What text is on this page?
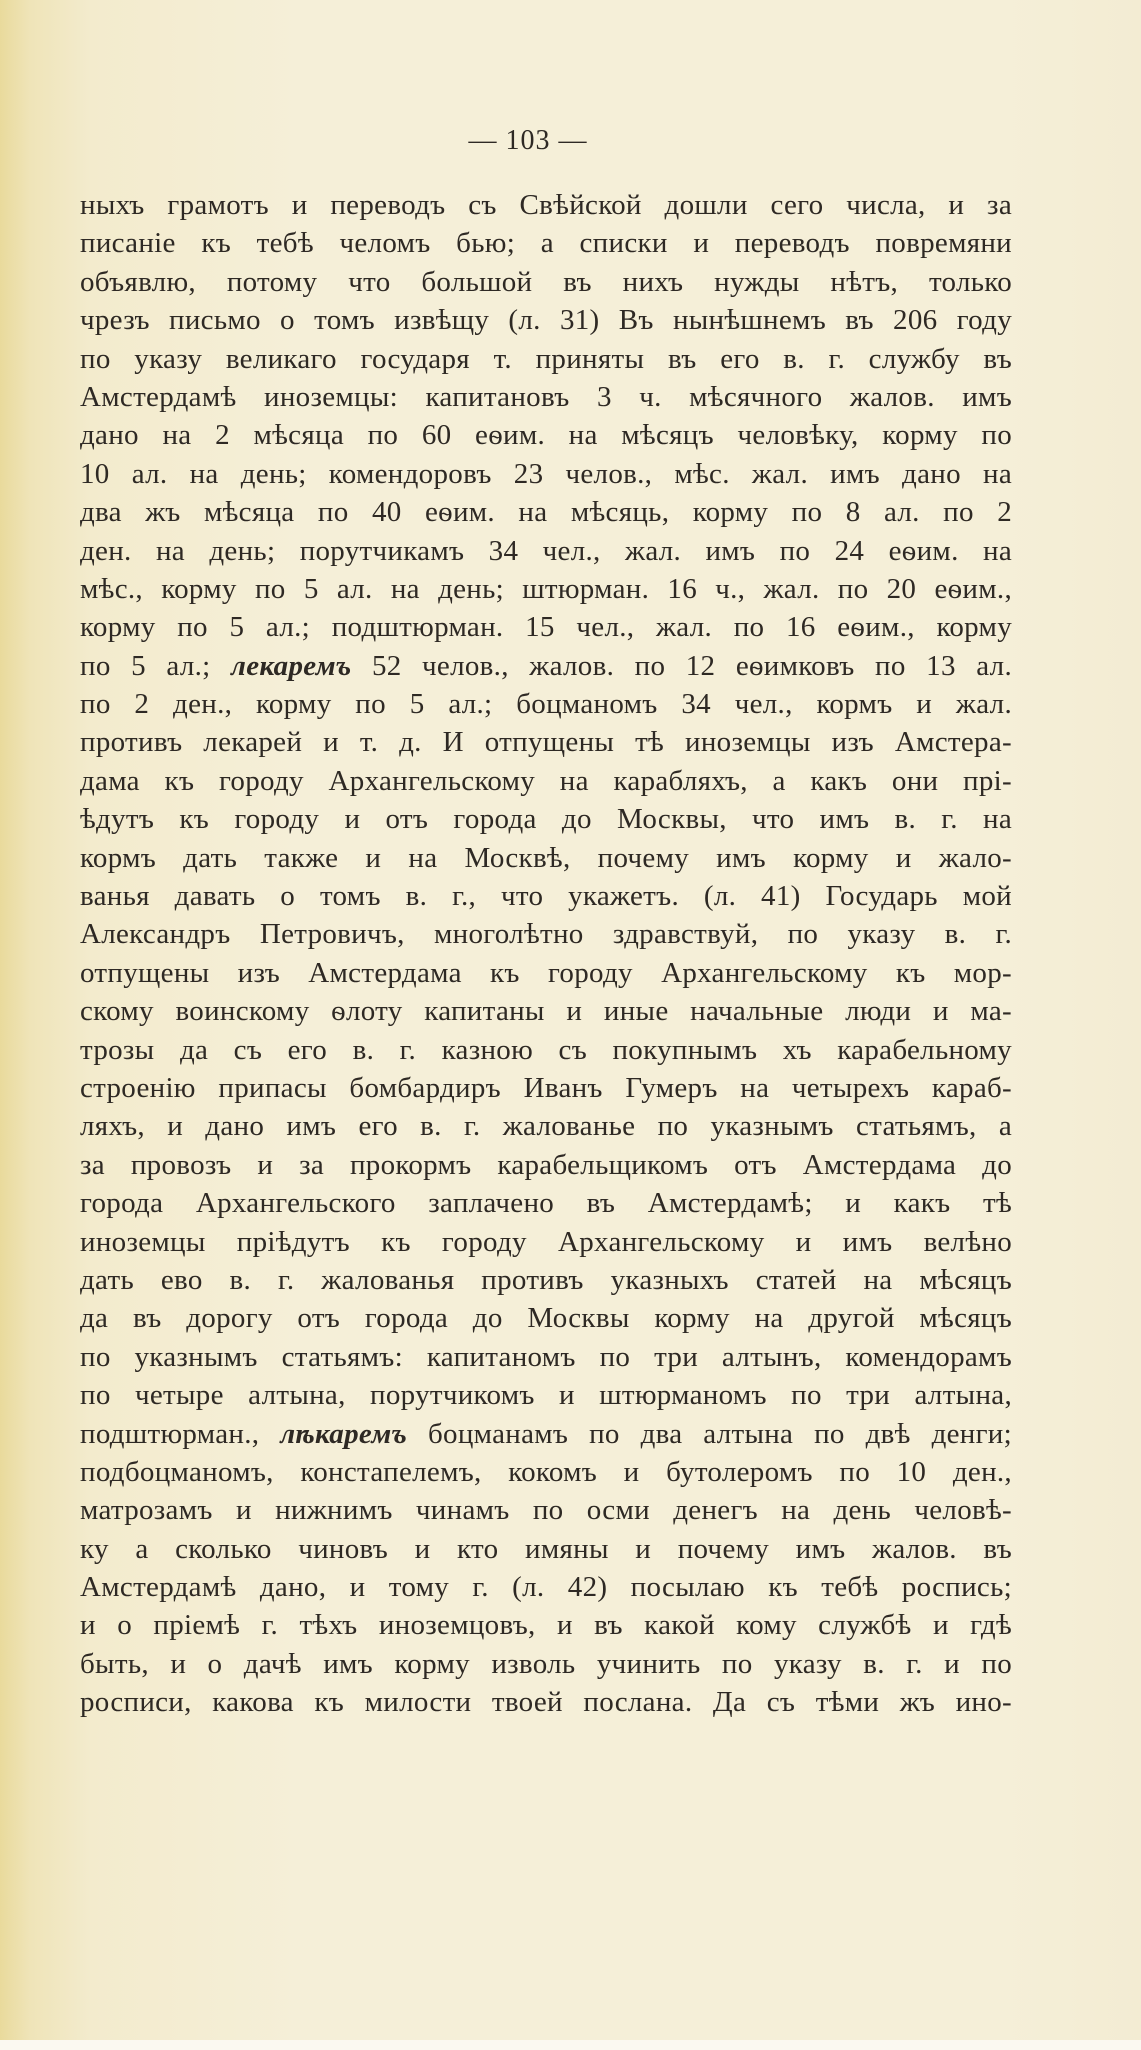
— 103 —
ныхъ грамотъ и переводъ съ Свѣйской дошли сего числа, и за
писаніе къ тебѣ челомъ бью; а списки и переводъ повремяни
объявлю, потому что большой въ нихъ нужды нѣтъ, только
чрезъ письмо о томъ извѣщу (л. 31) Въ нынѣшнемъ въ 206 году
по указу великаго государя т. приняты въ его в. г. службу въ
Амстердамѣ иноземцы: капитановъ 3 ч. мѣсячного жалов. имъ
дано на 2 мѣсяца по 60 еѳим. на мѣсяцъ человѣку, корму по
10 ал. на день; комендоровъ 23 челов., мѣс. жал. имъ дано на
два жъ мѣсяца по 40 еѳим. на мѣсяць, корму по 8 ал. по 2
ден. на день; порутчикамъ 34 чел., жал. имъ по 24 еѳим. на
мѣс., корму по 5 ал. на день; штюрман. 16 ч., жал. по 20 еѳим.,
корму по 5 ал.; подштюрман. 15 чел., жал. по 16 еѳим., корму
по 5 ал.; лекаремъ 52 челов., жалов. по 12 еѳимковъ по 13 ал.
по 2 ден., корму по 5 ал.; боцманомъ 34 чел., кормъ и жал.
противъ лекарей и т. д. И отпущены тѣ иноземцы изъ Амстера-
дама къ городу Архангельскому на карабляхъ, а какъ они прі-
ѣдутъ къ городу и отъ города до Москвы, что имъ в. г. на
кормъ дать также и на Москвѣ, почему имъ корму и жало-
ванья давать о томъ в. г., что укажетъ. (л. 41) Государь мой
Александръ Петровичъ, многолѣтно здравствуй, по указу в. г.
отпущены изъ Амстердама къ городу Архангельскому къ мор-
скому воинскому ѳлоту капитаны и иные начальные люди и ма-
трозы да съ его в. г. казною съ покупнымъ хъ карабельному
строенію припасы бомбардиръ Иванъ Гумеръ на четырехъ караб-
ляхъ, и дано имъ его в. г. жалованье по указнымъ статьямъ, а
за провозъ и за прокормъ карабельщикомъ отъ Амстердама до
города Архангельского заплачено въ Амстердамѣ; и какъ тѣ
иноземцы пріѣдутъ къ городу Архангельскому и имъ велѣно
дать ево в. г. жалованья противъ указныхъ статей на мѣсяцъ
да въ дорогу отъ города до Москвы корму на другой мѣсяцъ
по указнымъ статьямъ: капитаномъ по три алтынъ, комендорамъ
по четыре алтына, порутчикомъ и штюрманомъ по три алтына,
подштюрман., лѣкаремъ боцманамъ по два алтына по двѣ денги;
подбоцманомъ, констапелемъ, кокомъ и бутолеромъ по 10 ден.,
матрозамъ и нижнимъ чинамъ по осми денегъ на день человѣ-
ку а сколько чиновъ и кто имяны и почему имъ жалов. въ
Амстердамѣ дано, и тому г. (л. 42) посылаю къ тебѣ роспись;
и о пріемѣ г. тѣхъ иноземцовъ, и въ какой кому службѣ и гдѣ
быть, и о дачѣ имъ корму изволь учинить по указу в. г. и по
росписи, какова къ милости твоей послана. Да съ тѣми жъ ино-
